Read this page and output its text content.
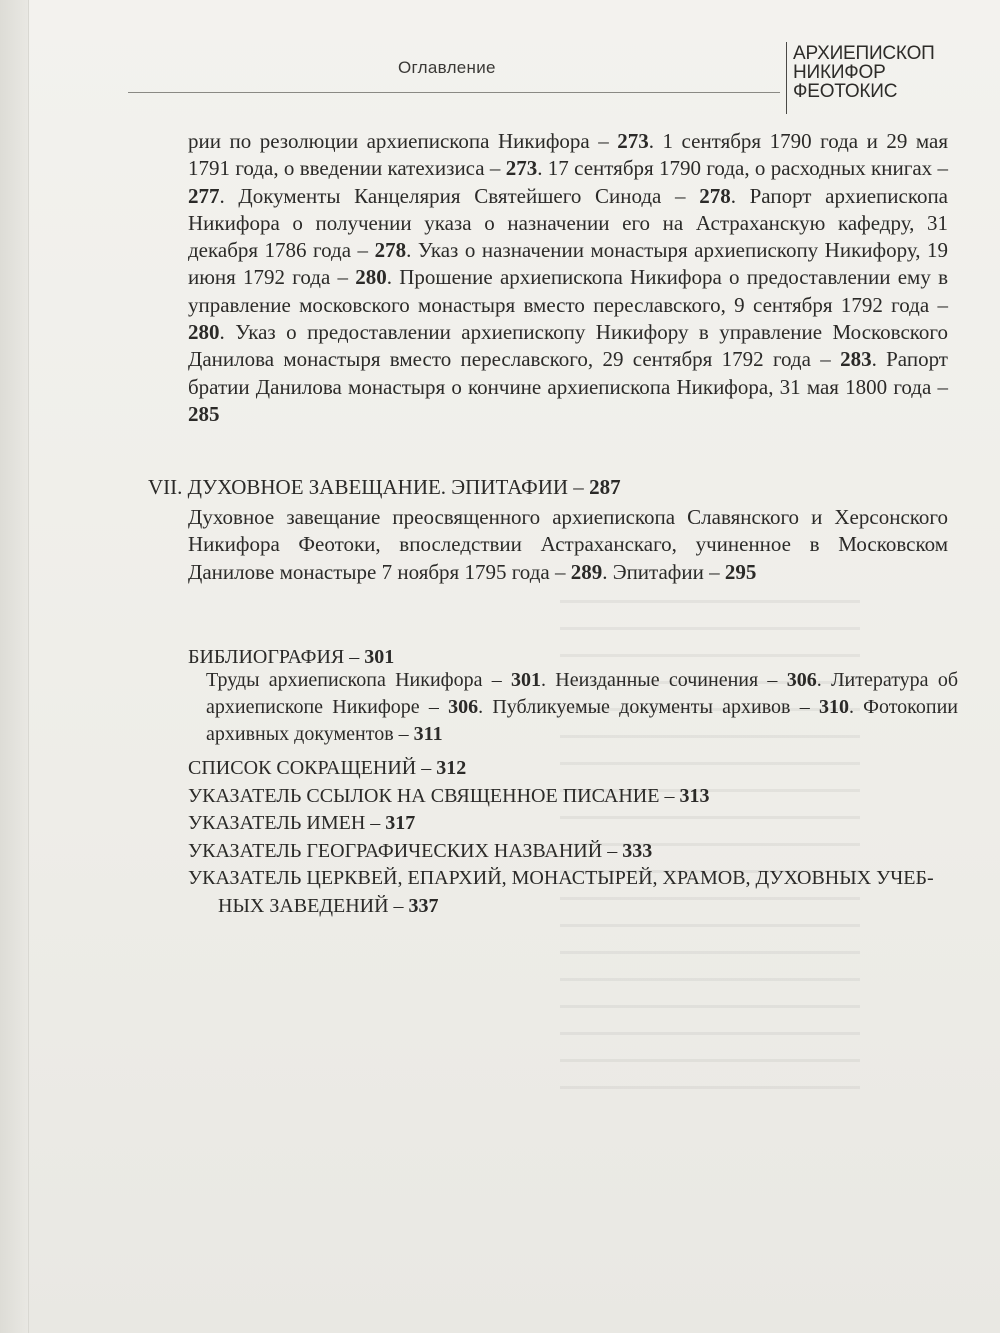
Оглавление
АРХИЕПИСКОП
НИКИФОР
ФЕОТОКИС
рии по резолюции архиепископа Никифора – 273. 1 сентября 1790 года и 29 мая 1791 года, о введении катехизиса – 273. 17 сентября 1790 года, о расходных книгах – 277. Документы Канцелярия Святейшего Синода – 278. Рапорт архиепископа Никифора о получении указа о назначении его на Астраханскую кафедру, 31 декабря 1786 года – 278. Указ о назначении монастыря архиепископу Никифору, 19 июня 1792 года – 280. Прошение архиепископа Никифора о предоставлении ему в управление московского монастыря вместо переславского, 9 сентября 1792 года – 280. Указ о предоставлении архиепископу Никифору в управление Московского Данилова монастыря вместо переславского, 29 сентября 1792 года – 283. Рапорт братии Данилова монастыря о кончине архиепископа Никифора, 31 мая 1800 года – 285
VII. ДУХОВНОЕ ЗАВЕЩАНИЕ. ЭПИТАФИИ – 287
Духовное завещание преосвященного архиепископа Славянского и Херсонского Никифора Феотоки, впоследствии Астраханскаго, учиненное в Московском Даниловe монастыре 7 ноября 1795 года – 289. Эпитафии – 295
БИБЛИОГРАФИЯ – 301
Труды архиепископа Никифора – 301. Неизданные сочинения – 306. Литература об архиепископе Никифоре – 306. Публикуемые документы архивов – 310. Фотокопии архивных документов – 311
СПИСОК СОКРАЩЕНИЙ – 312
УКАЗАТЕЛЬ ССЫЛОК НА СВЯЩЕННОЕ ПИСАНИЕ – 313
УКАЗАТЕЛЬ ИМЕН – 317
УКАЗАТЕЛЬ ГЕОГРАФИЧЕСКИХ НАЗВАНИЙ – 333
УКАЗАТЕЛЬ ЦЕРКВЕЙ, ЕПАРХИЙ, МОНАСТЫРЕЙ, ХРАМОВ, ДУХОВНЫХ УЧЕБ-
НЫХ ЗАВЕДЕНИЙ – 337
